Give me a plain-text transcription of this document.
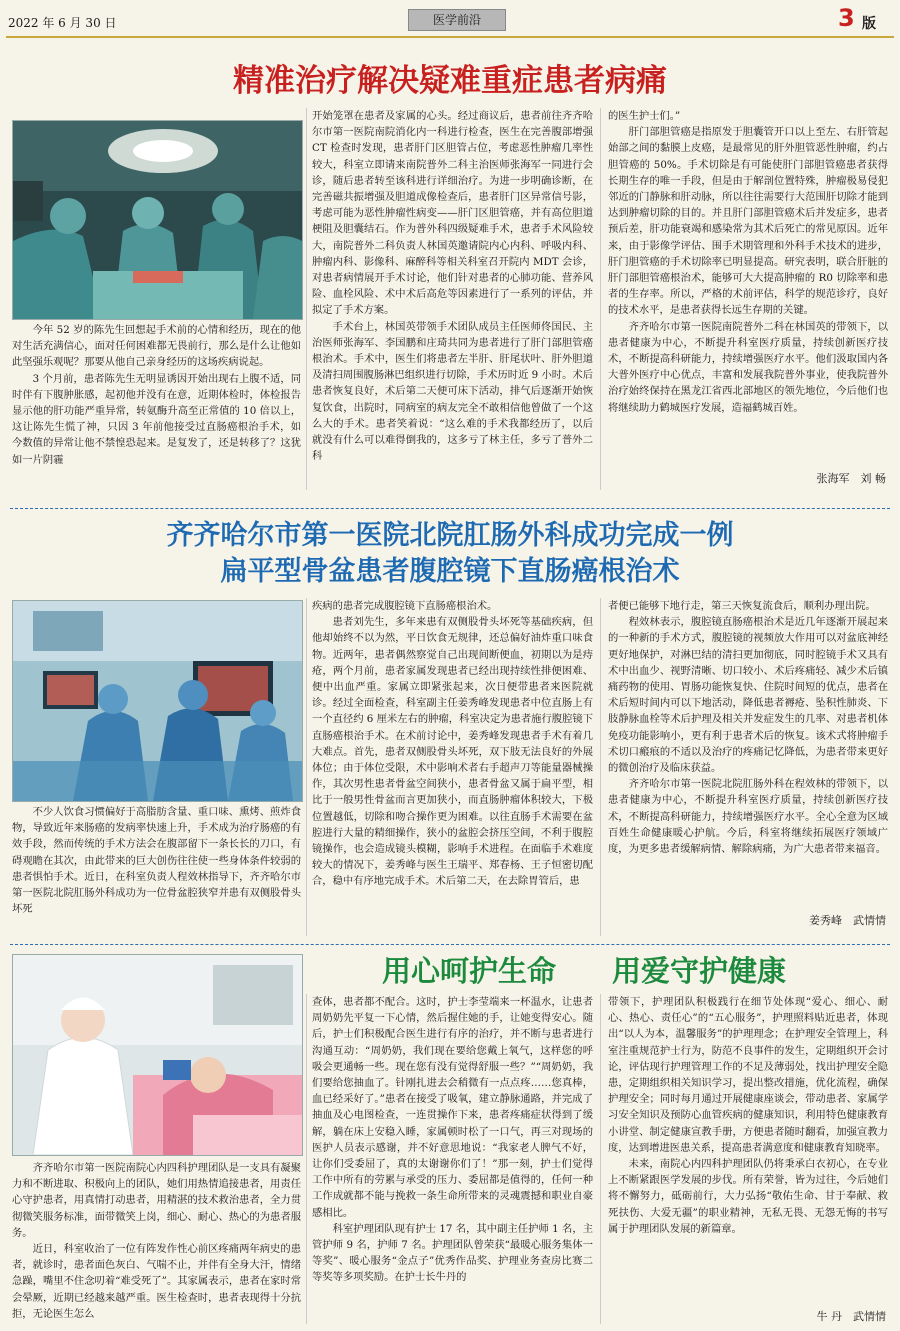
2022 年 6 月 30 日	医学前沿	3 版
精准治疗解决疑难重症患者病痛

今年 52 岁的陈先生回想起手术前的心情和经历，现在的他对生活充满信心，面对任何困难都无畏前行，那么是什么让他如此坚强乐观呢？那要从他自己亲身经历的这场疾病说起。

3 个月前，患者陈先生无明显诱因开始出现右上腹不适，同时伴有下腹肿胀感，起初他并没有在意，近期体检时，体检报告显示他的肝功能严重异常，转氨酶升高至正常值的 10 倍以上，这让陈先生慌了神，只因 3 年前他接受过直肠癌根治手术，如今数值的异常让他不禁惶恐起来。是复发了，还是转移了？这犹如一片阴霾

开始笼罩在患者及家属的心头。经过商议后，患者前往齐齐哈尔市第一医院南院消化内一科进行检查，医生在完善腹部增强 CT 检查时发现，患者肝门区胆管占位，考虑恶性肿瘤几率性较大，科室立即请来南院普外二科主治医师张海军一同进行会诊，随后患者转至该科进行详细治疗。为进一步明确诊断，在完善磁共振增强及胆道成像检查后，患者肝门区异常信号影，考虑可能为恶性肿瘤性病变——肝门区胆管癌，并有高位胆道梗阻及胆囊结石。作为普外科四级疑难手术，患者手术风险较大，南院普外二科负责人林国英邀请院内心内科、呼吸内科、肿瘤内科、影像科、麻醉科等相关科室召开院内 MDT 会诊，对患者病情展开手术讨论，他们针对患者的心肺功能、营养风险、血栓风险、术中术后高危等因素进行了一系列的评估，并拟定了手术方案。

手术台上，林国英带领手术团队成员主任医师佟国民、主治医师张海军、李国鹏和庄琦共同为患者进行了肝门部胆管癌根治术。手术中，医生们将患者左半肝、肝尾状叶、肝外胆道及清扫周围腹肠淋巴组织进行切除，手术历时近 9 小时。术后患者恢复良好，术后第二天便可床下活动，排气后逐渐开始恢复饮食，出院时，同病室的病友完全不敢相信他曾做了一个这么大的手术。患者笑着说：“这么难的手术我都经历了，以后就没有什么可以难得倒我的，这多亏了林主任，多亏了普外二科

的医生护士们。”

肝门部胆管癌是指原发于胆囊管开口以上至左、右肝管起始部之间的黏膜上皮癌，是最常见的肝外胆管恶性肿瘤，约占胆管癌的 50%。手术切除是有可能使肝门部胆管癌患者获得长期生存的唯一手段，但是由于解剖位置特殊，肿瘤极易侵犯邻近的门静脉和肝动脉，所以往往需要行大范围肝切除才能到达到肿瘤切除的目的。并且肝门部胆管癌术后并发症多，患者预后差，肝功能衰竭和感染常为其术后死亡的常见原因。近年来，由于影像学评估、围手术期管理和外科手术技术的进步，肝门胆管癌的手术切除率已明显提高。研究表明，联合肝脏的肝门部胆管癌根治术，能够可大大提高肿瘤的 R0 切除率和患者的生存率。所以，严格的术前评估，科学的规范诊疗，良好的技术水平，是患者获得长远生存期的关键。

齐齐哈尔市第一医院南院普外二科在林国英的带领下，以患者健康为中心，不断提升科室医疗质量，持续创新医疗技术，不断提高科研能力，持续增强医疗水平。他们汲取国内各大普外医疗中心优点，丰富和发展我院普外事业，使我院普外治疗始终保持在黑龙江省西北部地区的领先地位，今后他们也将继续助力鹤城医疗发展，造福鹤城百姓。

张海军　刘 畅
齐齐哈尔市第一医院北院肛肠外科成功完成一例
扁平型骨盆患者腹腔镜下直肠癌根治术

不少人饮食习惯偏好于高脂肪含量、重口味、熏烤、煎炸食物，导致近年来肠癌的发病率快速上升，手术成为治疗肠癌的有效手段，然而传统的手术方法会在腹部留下一条长长的刀口，有碍观瞻在其次，由此带来的巨大创伤往往使一些身体条件较弱的患者惧怕手术。近日，在科室负责人程效林指导下，齐齐哈尔市第一医院北院肛肠外科成功为一位骨盆腔狭窄并患有双侧股骨头坏死

疾病的患者完成腹腔镜下直肠癌根治术。

患者刘先生，多年来患有双侧股骨头坏死等基础疾病，但他却始终不以为然，平日饮食无规律，还总偏好油炸重口味食物。近两年，患者偶然察觉自己出现间断便血，初期以为是痔疮，两个月前，患者家属发现患者已经出现持续性排便困难、便中出血严重。家属立即紧张起来，次日便带患者来医院就诊。经过全面检查，科室副主任姜秀峰发现患者中位直肠上有一个直径约 6 厘米左右的肿瘤，科室决定为患者施行腹腔镜下直肠癌根治手术。在术前讨论中，姜秀峰发现患者手术有着几大难点。首先，患者双侧股骨头坏死，双下肢无法良好的外展体位；由于体位受限，术中影响术者右手超声刀等能量器械操作，其次男性患者骨盆空间狭小，患者骨盆又属于扁平型，相比于一般男性骨盆而言更加狭小，而直肠肿瘤体积较大，下极位置越低，切除和吻合操作更为困难。以往直肠手术需要在盆腔进行大量的精细操作，狭小的盆腔会挤压空间，不利于腹腔镜操作，也会造成镜头模糊，影响手术进程。在面临手术难度较大的情况下，姜秀峰与医生王瑞平、郑春杨、王子恒密切配合，稳中有序地完成手术。术后第二天，在去除胃管后，患

者便已能够下地行走，第三天恢复流食后，顺利办理出院。

程效林表示，腹腔镜直肠癌根治术是近几年逐渐开展起来的一种新的手术方式，腹腔镜的视频放大作用可以对盆底神经更好地保护，对淋巴结的清扫更加彻底，同时腔镜手术又具有术中出血少、视野清晰、切口较小、术后疼痛轻、减少术后镇痛药物的使用、胃肠功能恢复快、住院时间短的优点，患者在术后短时间内可以下地活动，降低患者褥疮、坠积性肺炎、下肢静脉血栓等术后护理及相关并发症发生的几率、对患者机体免疫功能影响小，更有利于患者术后的恢复。该术式将肿瘤手术切口瘢痕的不适以及治疗的疼痛记忆降低，为患者带来更好的微创治疗及临床获益。

齐齐哈尔市第一医院北院肛肠外科在程效林的带领下，以患者健康为中心，不断提升科室医疗质量，持续创新医疗技术，不断提高科研能力，持续增强医疗水平。全心全意为区域百姓生命健康暖心护航。今后，科室将继续拓展医疗领域广度，为更多患者缓解病情、解除病痛，为广大患者带来福音。

姜秀峰　武情情
用心呵护生命	用爱守护健康

齐齐哈尔市第一医院南院心内四科护理团队是一支具有凝聚力和不断进取、积极向上的团队，她们用热情追接患者，用责任心守护患者，用真情打动患者，用精湛的技术救治患者，全力贯彻微笑服务标准，面带微笑上岗，细心、耐心、热心的为患者服务。

近日，科室收治了一位有阵发作性心前区疼痛两年病史的患者，就诊时，患者面色灰白、气喘不止，并伴有全身大汗，情绪急躁，嘴里不住念叨着“难受死了”。其家属表示，患者在家时常会晕厥，近期已经越来越严重。医生检查时，患者表现得十分抗拒，无论医生怎么

查体，患者都不配合。这时，护士李莹端来一杯温水，让患者周奶奶先平复一下心情，然后握住她的手，让她变得安心。随后，护士们积极配合医生进行有序的治疗，并不断与患者进行沟通互动：“周奶奶，我们现在要给您戴上氧气，这样您的呼吸会更通畅一些。现在您有没有觉得舒服一些？”“周奶奶，我们要给您抽血了。针刚扎进去会稍微有一点点疼……您真棒，血已经采好了。”患者在接受了吸氧，建立静脉通路，并完成了抽血及心电图检查，一连贯操作下来，患者疼痛症状得到了缓解，躺在床上安稳入睡，家属顿时松了一口气，再三对现场的医护人员表示感谢，并不好意思地说：“我家老人脾气不好，让你们受委屈了，真的太谢谢你们了！”那一刻，护士们觉得工作中所有的劳累与承受的压力、委屈都是值得的，任何一种工作成就都不能与挽救一条生命所带来的灵魂震撼和职业自豪感相比。

科室护理团队现有护士 17 名，其中副主任护师 1 名，主管护师 9 名，护师 7 名。护理团队曾荣获“最暖心服务集体一等奖”、暖心服务“金点子”优秀作品奖、护理业务查房比赛二等奖等多项奖励。在护士长牛丹的

带领下，护理团队积极践行在细节处体现“爱心、细心、耐心、热心、责任心”的“五心服务”，护理照料贴近患者，体现出“以人为本，温馨服务”的护理理念；在护理安全管理上，科室注重规范护士行为，防范不良事件的发生，定期组织开会讨论，评估现行护理管理工作的不足及薄弱处，找出护理安全隐患，定期组织相关知识学习，提出整改措施，优化流程，确保护理安全；同时每月通过开展健康座谈会，带动患者、家属学习安全知识及预防心血管疾病的健康知识，利用特色健康教育小讲堂、制定健康宣教手册，方便患者随时翻看，加强宣教力度，达到增进医患关系，提高患者满意度和健康教育知晓率。

未来，南院心内四科护理团队仍将秉承白衣初心，在专业上不断紧跟医学发展的步伐。所有荣誉，皆为过往，今后她们将不懈努力，砥砺前行，大力弘扬“敬佑生命、甘于奉献、救死扶伤、大爱无疆”的职业精神，无私无畏、无怨无悔的书写属于护理团队发展的新篇章。

牛 丹　武情情
